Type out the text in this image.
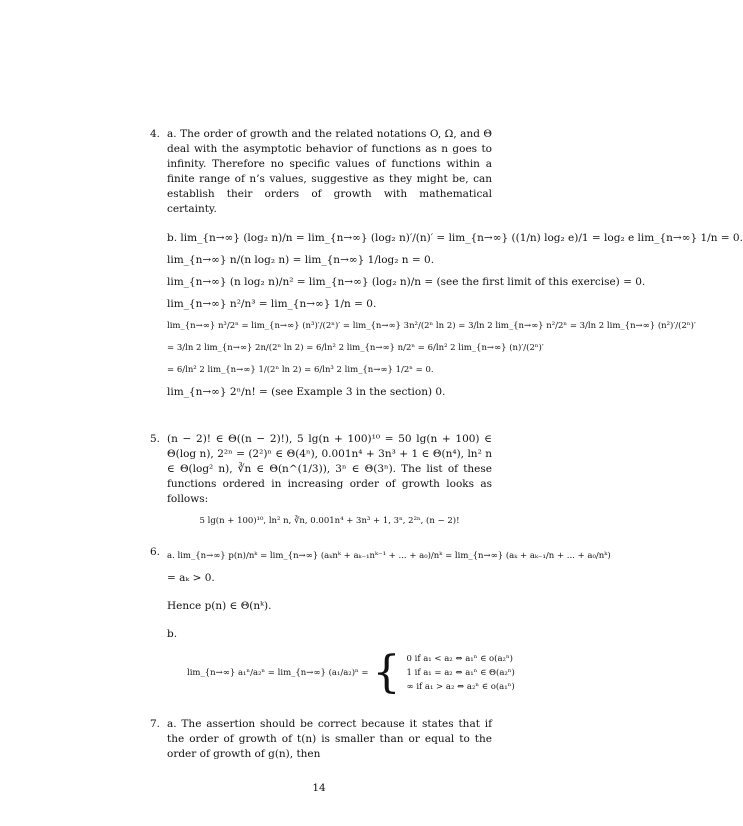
4. a. The order of growth and the related notations O, Ω, and Θ deal with the asymptotic behavior of functions as n goes to infinity. Therefore no specific values of functions within a finite range of n’s values, suggestive as they might be, can establish their orders of growth with mathematical certainty.

b. lim_{n→∞} (log₂ n)/n = lim_{n→∞} (log₂ n)′/(n)′ = lim_{n→∞} ((1/n) log₂ e)/1 = log₂ e lim_{n→∞} 1/n = 0.

lim_{n→∞} n/(n log₂ n) = lim_{n→∞} 1/log₂ n = 0.

lim_{n→∞} (n log₂ n)/n² = lim_{n→∞} (log₂ n)/n = (see the first limit of this exercise) = 0.

lim_{n→∞} n²/n³ = lim_{n→∞} 1/n = 0.

lim_{n→∞} n³/2ⁿ = lim_{n→∞} (n³)′/(2ⁿ)′ = lim_{n→∞} 3n²/(2ⁿ ln 2) = 3/ln 2 lim_{n→∞} n²/2ⁿ = 3/ln 2 lim_{n→∞} (n²)′/(2ⁿ)′

= 3/ln 2 lim_{n→∞} 2n/(2ⁿ ln 2) = 6/ln² 2 lim_{n→∞} n/2ⁿ = 6/ln² 2 lim_{n→∞} (n)′/(2ⁿ)′

= 6/ln² 2 lim_{n→∞} 1/(2ⁿ ln 2) = 6/ln³ 2 lim_{n→∞} 1/2ⁿ = 0.

lim_{n→∞} 2ⁿ/n! = (see Example 3 in the section) 0.

5. (n − 2)! ∈ Θ((n − 2)!), 5 lg(n + 100)¹⁰ = 50 lg(n + 100) ∈ Θ(log n), 2²ⁿ = (2²)ⁿ ∈ Θ(4ⁿ), 0.001n⁴ + 3n³ + 1 ∈ Θ(n⁴), ln² n ∈ Θ(log² n), ∛n ∈ Θ(n^(1/3)), 3ⁿ ∈ Θ(3ⁿ). The list of these functions ordered in increasing order of growth looks as follows:

5 lg(n + 100)¹⁰, ln² n, ∛n, 0.001n⁴ + 3n³ + 1, 3ⁿ, 2²ⁿ, (n − 2)!

6. a. lim_{n→∞} p(n)/nᵏ = lim_{n→∞} (aₖnᵏ + aₖ₋₁nᵏ⁻¹ + ... + a₀)/nᵏ = lim_{n→∞} (aₖ + aₖ₋₁/n + ... + a₀/nᵏ)

= aₖ > 0.

Hence p(n) ∈ Θ(nᵏ).

b.

lim_{n→∞} a₁ⁿ/a₂ⁿ = lim_{n→∞} (a₁/a₂)ⁿ = { 0 if a₁ < a₂ ⇔ a₁ⁿ ∈ o(a₂ⁿ)
1 if a₁ = a₂ ⇔ a₁ⁿ ∈ Θ(a₂ⁿ)
∞ if a₁ > a₂ ⇔ a₂ⁿ ∈ o(a₁ⁿ)
7. a. The assertion should be correct because it states that if the order of growth of t(n) is smaller than or equal to the order of growth of g(n), then

14
